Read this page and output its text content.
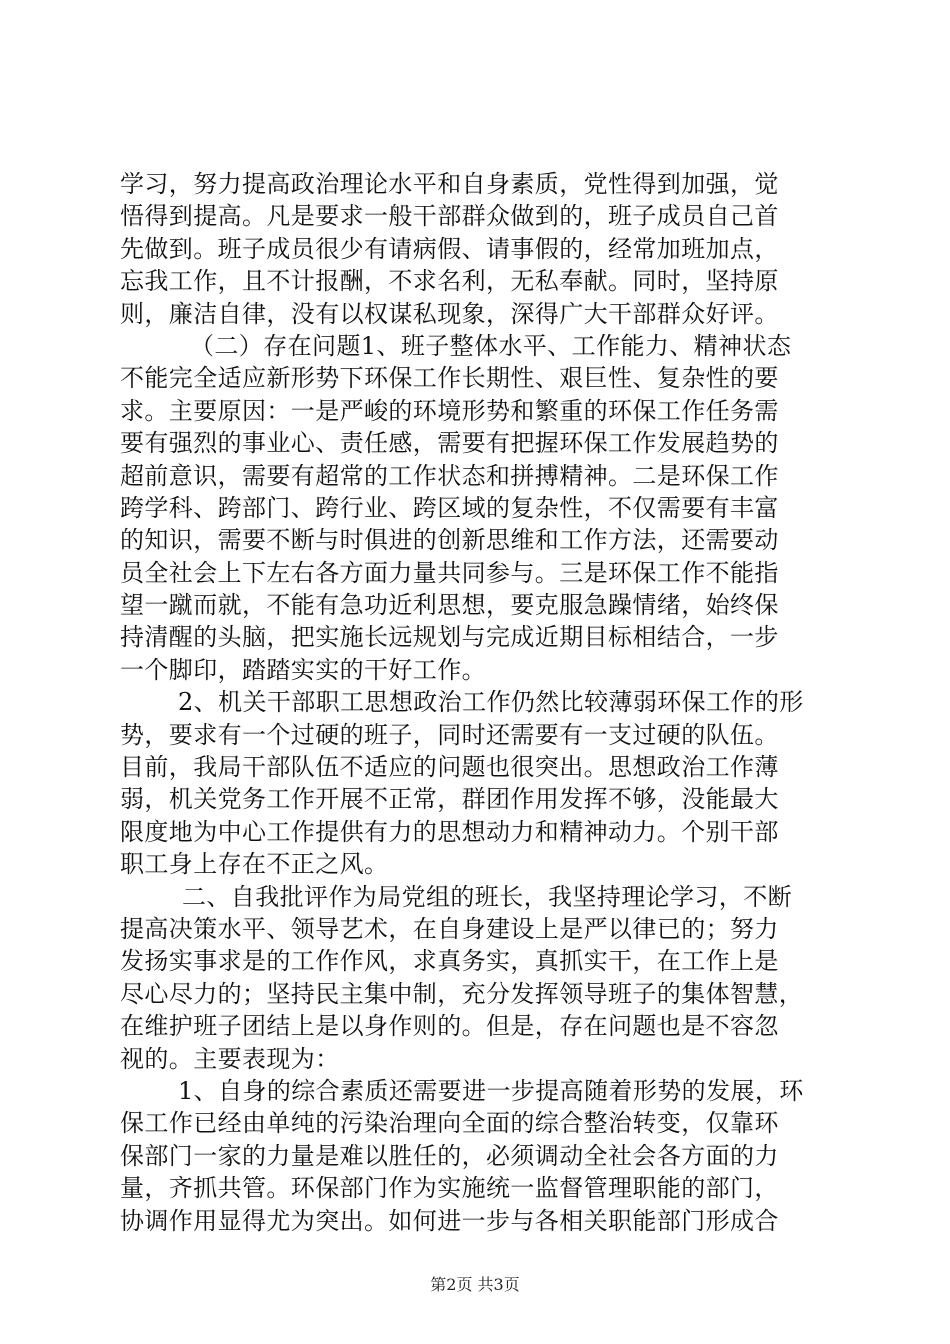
学习，努力提高政治理论水平和自身素质，党性得到加强，觉
悟得到提高。凡是要求一般干部群众做到的，班子成员自己首
先做到。班子成员很少有请病假、请事假的，经常加班加点，
忘我工作，且不计报酬，不求名利，无私奉献。同时，坚持原
则，廉洁自律，没有以权谋私现象，深得广大干部群众好评。
（二）存在问题1、班子整体水平、工作能力、精神状态
不能完全适应新形势下环保工作长期性、艰巨性、复杂性的要
求。主要原因：一是严峻的环境形势和繁重的环保工作任务需
要有强烈的事业心、责任感，需要有把握环保工作发展趋势的
超前意识，需要有超常的工作状态和拼搏精神。二是环保工作
跨学科、跨部门、跨行业、跨区域的复杂性，不仅需要有丰富
的知识，需要不断与时俱进的创新思维和工作方法，还需要动
员全社会上下左右各方面力量共同参与。三是环保工作不能指
望一蹴而就，不能有急功近利思想，要克服急躁情绪，始终保
持清醒的头脑，把实施长远规划与完成近期目标相结合，一步
一个脚印，踏踏实实的干好工作。
2、机关干部职工思想政治工作仍然比较薄弱环保工作的形
势，要求有一个过硬的班子，同时还需要有一支过硬的队伍。
目前，我局干部队伍不适应的问题也很突出。思想政治工作薄
弱，机关党务工作开展不正常，群团作用发挥不够，没能最大
限度地为中心工作提供有力的思想动力和精神动力。个别干部
职工身上存在不正之风。
二、自我批评作为局党组的班长，我坚持理论学习，不断
提高决策水平、领导艺术，在自身建设上是严以律已的；努力
发扬实事求是的工作作风，求真务实，真抓实干，在工作上是
尽心尽力的；坚持民主集中制，充分发挥领导班子的集体智慧，
在维护班子团结上是以身作则的。但是，存在问题也是不容忽
视的。主要表现为：
1、自身的综合素质还需要进一步提高随着形势的发展，环
保工作已经由单纯的污染治理向全面的综合整治转变，仅靠环
保部门一家的力量是难以胜任的，必须调动全社会各方面的力
量，齐抓共管。环保部门作为实施统一监督管理职能的部门，
协调作用显得尤为突出。如何进一步与各相关职能部门形成合
第2页 共3页
